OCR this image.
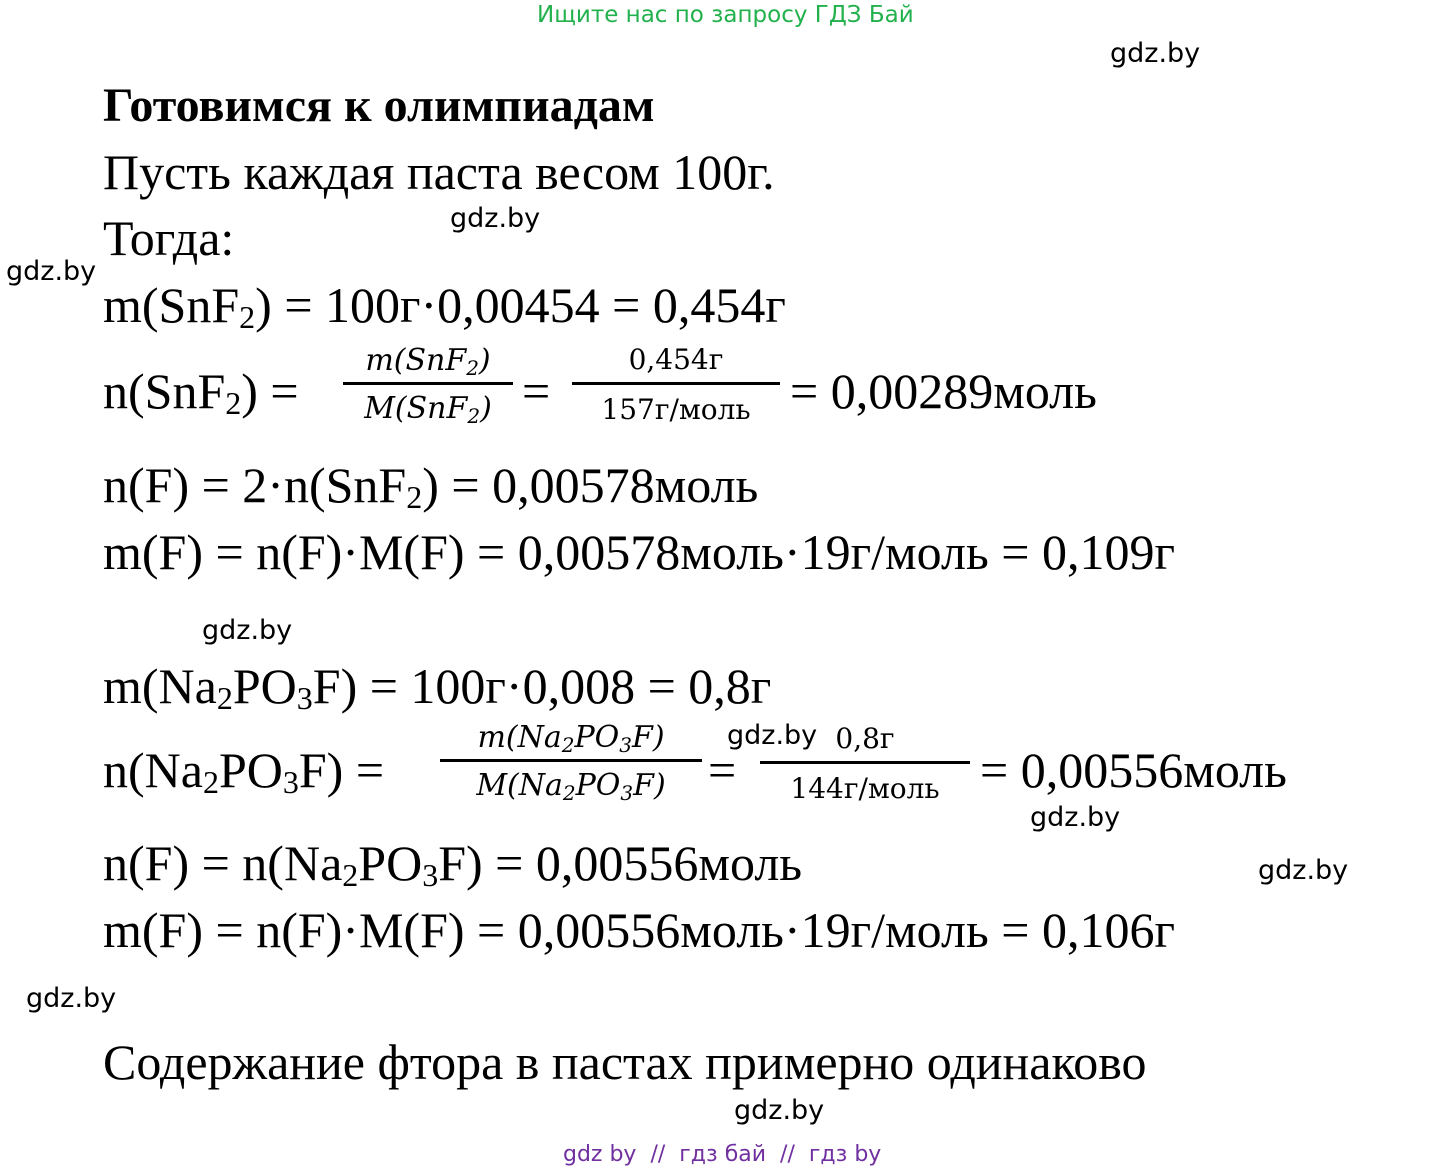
Ищите нас по запросу ГДЗ Бай
gdz.by
gdz.by
gdz.by
gdz.by
gdz.by
gdz.by
gdz.by
gdz.by
gdz.by
Готовимся к олимпиадам
Пусть каждая паста весом 100г.
Тогда:
m(SnF$_2$) = 100г·0,00454 = 0,454г
n(SnF$_2$) =
m(SnF$_2$)
M(SnF$_2$) =
0,454г
157г/моль = 0,00289моль
n(F) = 2·n(SnF$_2$) = 0,00578моль
m(F) = n(F)·M(F) = 0,00578моль·19г/моль = 0,109г
$m(Na_2PO_3F) = 100г\cdot 0,008 = 0,8г$
$n(Na_2PO_3F)$ =
$m(Na_2PO_3F)$
$M(Na_2PO_3F)$ =
0,8г
144г/моль = 0,00556моль
$n(F) = n(Na_2PO_3F)$ = 0,00556моль
m(F) = n(F)·M(F) = 0,00556моль·19г/моль = 0,106г
Содержание фтора в пастах примерно одинаково
gdz by  //  гдз бай  //  гдз by
